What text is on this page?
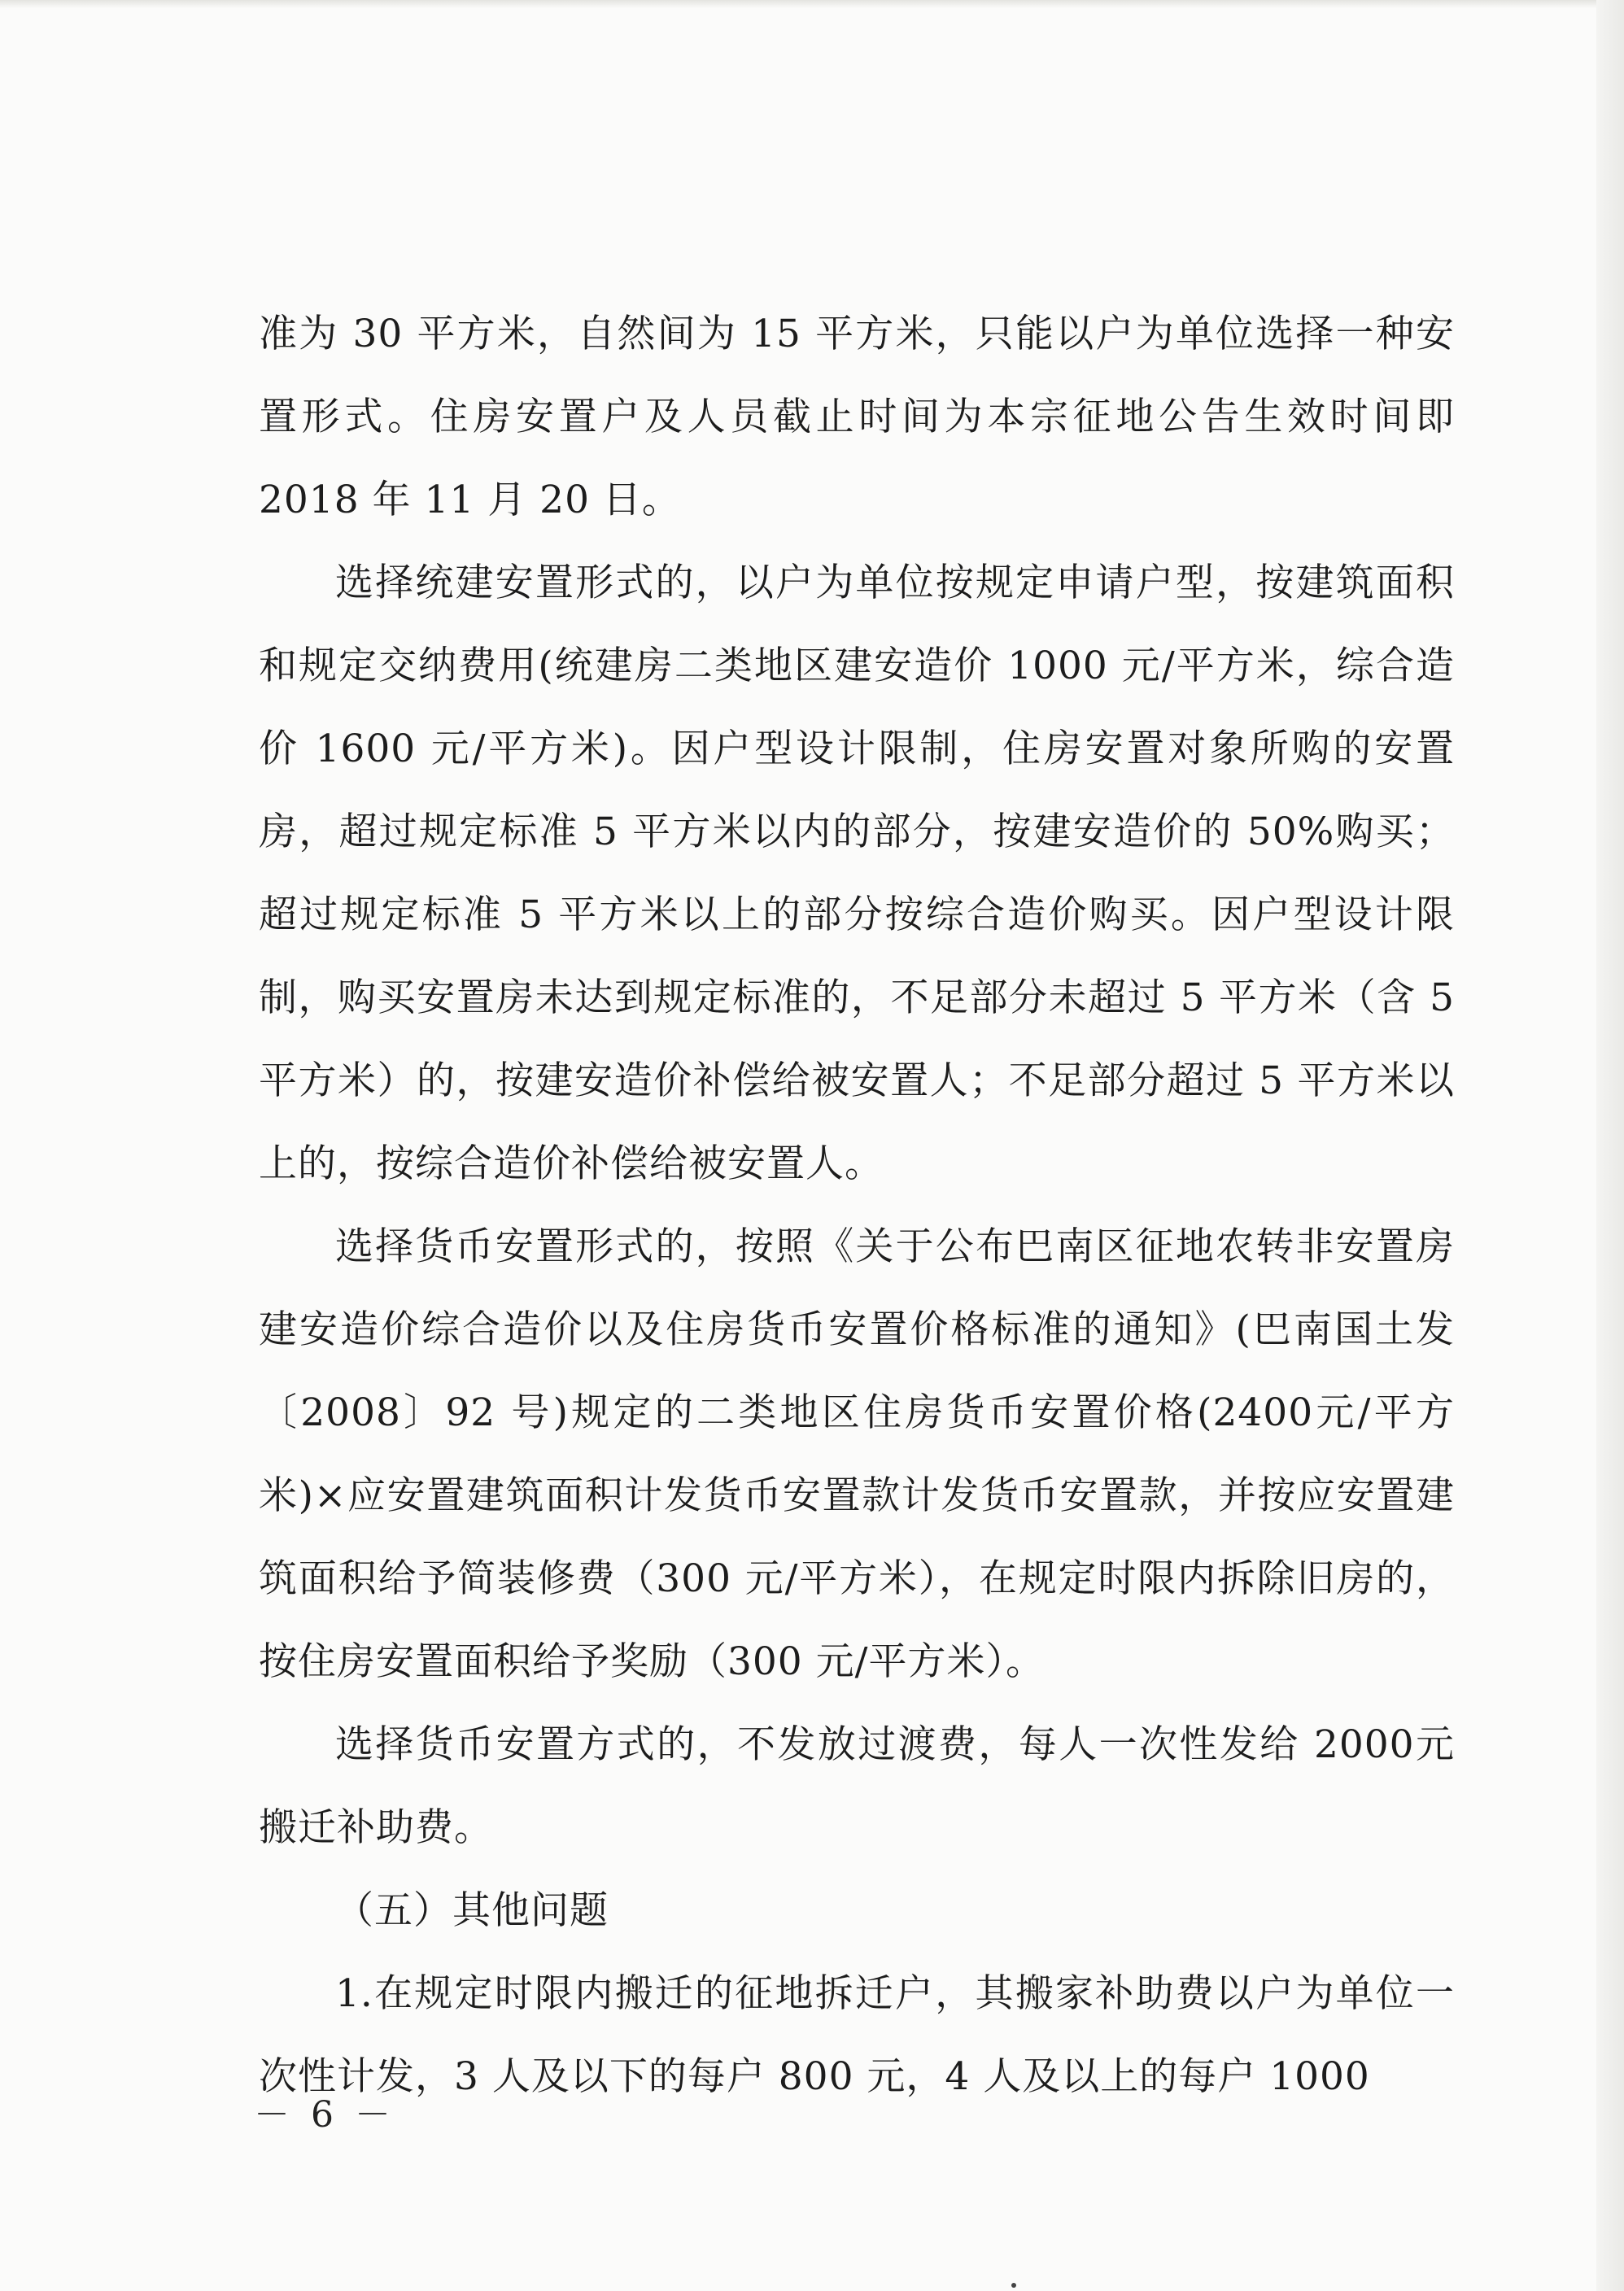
准为 30 平方米，自然间为 15 平方米，只能以户为单位选择一种安置形式。住房安置户及人员截止时间为本宗征地公告生效时间即 2018 年 11 月 20 日。

选择统建安置形式的，以户为单位按规定申请户型，按建筑面积和规定交纳费用(统建房二类地区建安造价 1000 元/平方米，综合造价 1600 元/平方米)。因户型设计限制，住房安置对象所购的安置房，超过规定标准 5 平方米以内的部分，按建安造价的 50%购买；超过规定标准 5 平方米以上的部分按综合造价购买。因户型设计限制，购买安置房未达到规定标准的，不足部分未超过 5 平方米（含 5 平方米）的，按建安造价补偿给被安置人；不足部分超过 5 平方米以上的，按综合造价补偿给被安置人。

选择货币安置形式的，按照《关于公布巴南区征地农转非安置房建安造价综合造价以及住房货币安置价格标准的通知》(巴南国土发〔2008〕92 号)规定的二类地区住房货币安置价格(2400元/平方米)×应安置建筑面积计发货币安置款计发货币安置款，并按应安置建筑面积给予简装修费（300 元/平方米），在规定时限内拆除旧房的，按住房安置面积给予奖励（300 元/平方米）。

选择货币安置方式的，不发放过渡费，每人一次性发给 2000元搬迁补助费。

（五）其他问题

1.在规定时限内搬迁的征地拆迁户，其搬家补助费以户为单位一次性计发，3 人及以下的每户 800 元，4 人及以上的每户 1000

－ 6 －
